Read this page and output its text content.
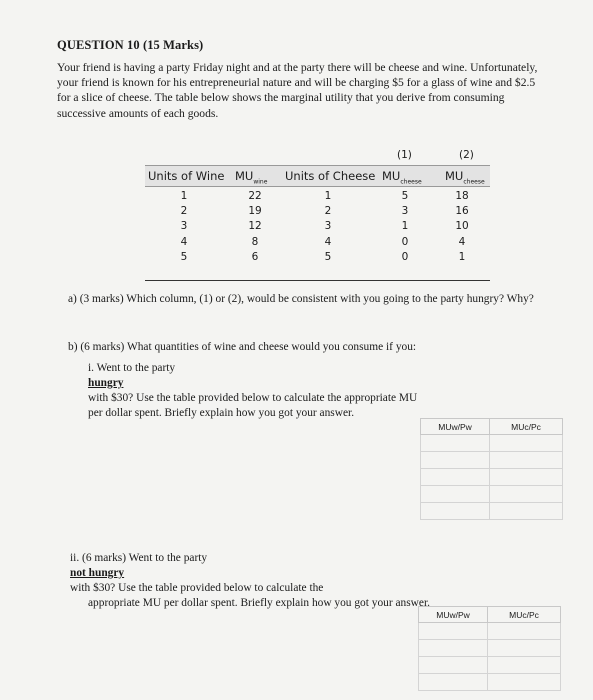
QUESTION 10 (15 Marks)
Your friend is having a party Friday night and at the party there will be cheese and wine. Unfortunately,
your friend is known for his entrepreneurial nature and will be charging $5 for a glass of wine and $2.5
for a slice of cheese. The table below shows the marginal utility that you derive from consuming
successive amounts of each goods.
(1)	(2)
Units of Wine $MU_{wine}$ Units of Cheese $MU_{cheese}$ $MU_{cheese}$
1	22	1	5	18
2	19	2	3	16
3	12	3	1	10
4	8	4	0	4
5	6	5	0	1
a) (3 marks) Which column, (1) or (2), would be consistent with you going to the party hungry? Why?
b) (6 marks) What quantities of wine and cheese would you consume if you:
i. Went to the party
hungry
with $30? Use the table provided below to calculate the appropriate MU
per dollar spent. Briefly explain how you got your answer.
MUw/Pw	MUc/Pc

ii. (6 marks) Went to the party
not hungry
with $30? Use the table provided below to calculate the
appropriate MU per dollar spent. Briefly explain how you got your answer.
MUw/Pw	MUc/Pc
